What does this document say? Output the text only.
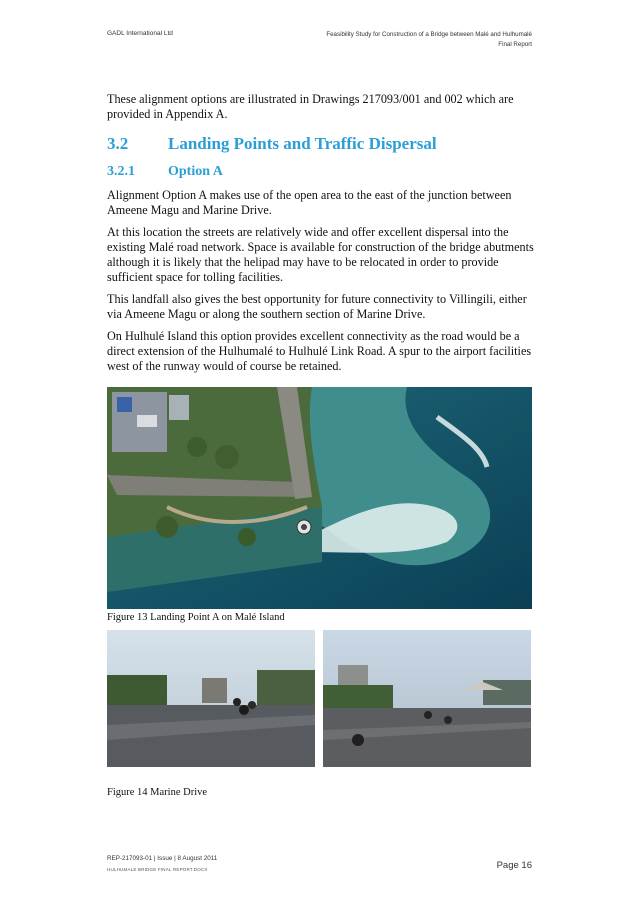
GADL International Ltd	Feasibility Study for Construction of a Bridge between Malé and Hulhumalé
Final Report

These alignment options are illustrated in Drawings 217093/001 and 002 which are provided in Appendix A.

3.2	Landing Points and Traffic Dispersal
3.2.1	Option A

Alignment Option A makes use of the open area to the east of the junction between Ameene Magu and Marine Drive.

At this location the streets are relatively wide and offer excellent dispersal into the existing Malé road network. Space is available for construction of the bridge abutments although it is likely that the helipad may have to be relocated in order to provide sufficient space for tolling facilities.

This landfall also gives the best opportunity for future connectivity to Villingili, either via Ameene Magu or along the southern section of Marine Drive.

On Hulhulé Island this option provides excellent connectivity as the road would be a direct extension of the Hulhumalé to Hulhulé Link Road. A spur to the airport facilities west of the runway would of course be retained.

Figure 13 Landing Point A on Malé Island
Figure 14 Marine Drive
REP-217093-01 | Issue | 8 August 2011
HULHUMALE BRIDGE FINAL REPORT.DOCX	Page 16
